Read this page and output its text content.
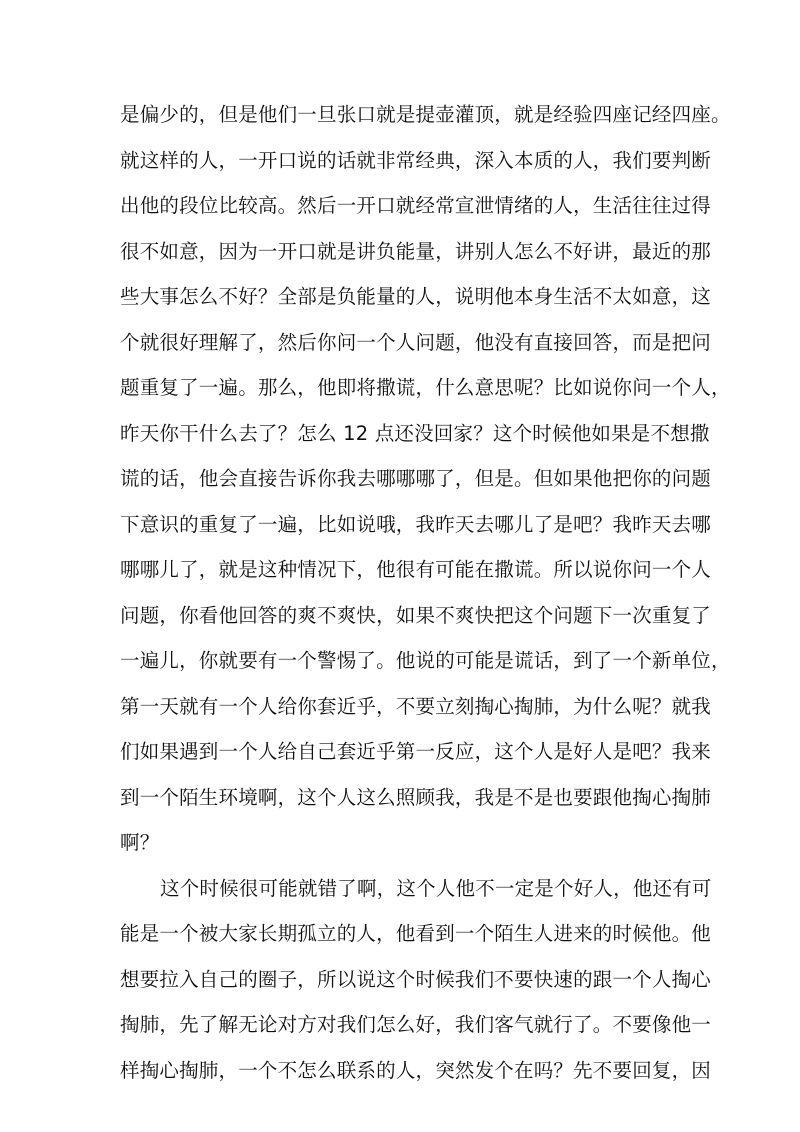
是偏少的，但是他们一旦张口就是提壶灌顶，就是经验四座记经四座。
就这样的人，一开口说的话就非常经典，深入本质的人，我们要判断
出他的段位比较高。然后一开口就经常宣泄情绪的人，生活往往过得
很不如意，因为一开口就是讲负能量，讲别人怎么不好讲，最近的那
些大事怎么不好？全部是负能量的人，说明他本身生活不太如意，这
个就很好理解了，然后你问一个人问题，他没有直接回答，而是把问
题重复了一遍。那么，他即将撒谎，什么意思呢？比如说你问一个人，
昨天你干什么去了？怎么 12 点还没回家？这个时候他如果是不想撒
谎的话，他会直接告诉你我去哪哪哪了，但是。但如果他把你的问题
下意识的重复了一遍，比如说哦，我昨天去哪儿了是吧？我昨天去哪
哪哪儿了，就是这种情况下，他很有可能在撒谎。所以说你问一个人
问题，你看他回答的爽不爽快，如果不爽快把这个问题下一次重复了
一遍儿，你就要有一个警惕了。他说的可能是谎话，到了一个新单位，
第一天就有一个人给你套近乎，不要立刻掏心掏肺，为什么呢？就我
们如果遇到一个人给自己套近乎第一反应，这个人是好人是吧？我来
到一个陌生环境啊，这个人这么照顾我，我是不是也要跟他掏心掏肺
啊？
这个时候很可能就错了啊，这个人他不一定是个好人，他还有可
能是一个被大家长期孤立的人，他看到一个陌生人进来的时候他。他
想要拉入自己的圈子，所以说这个时候我们不要快速的跟一个人掏心
掏肺，先了解无论对方对我们怎么好，我们客气就行了。不要像他一
样掏心掏肺，一个不怎么联系的人，突然发个在吗？先不要回复，因
